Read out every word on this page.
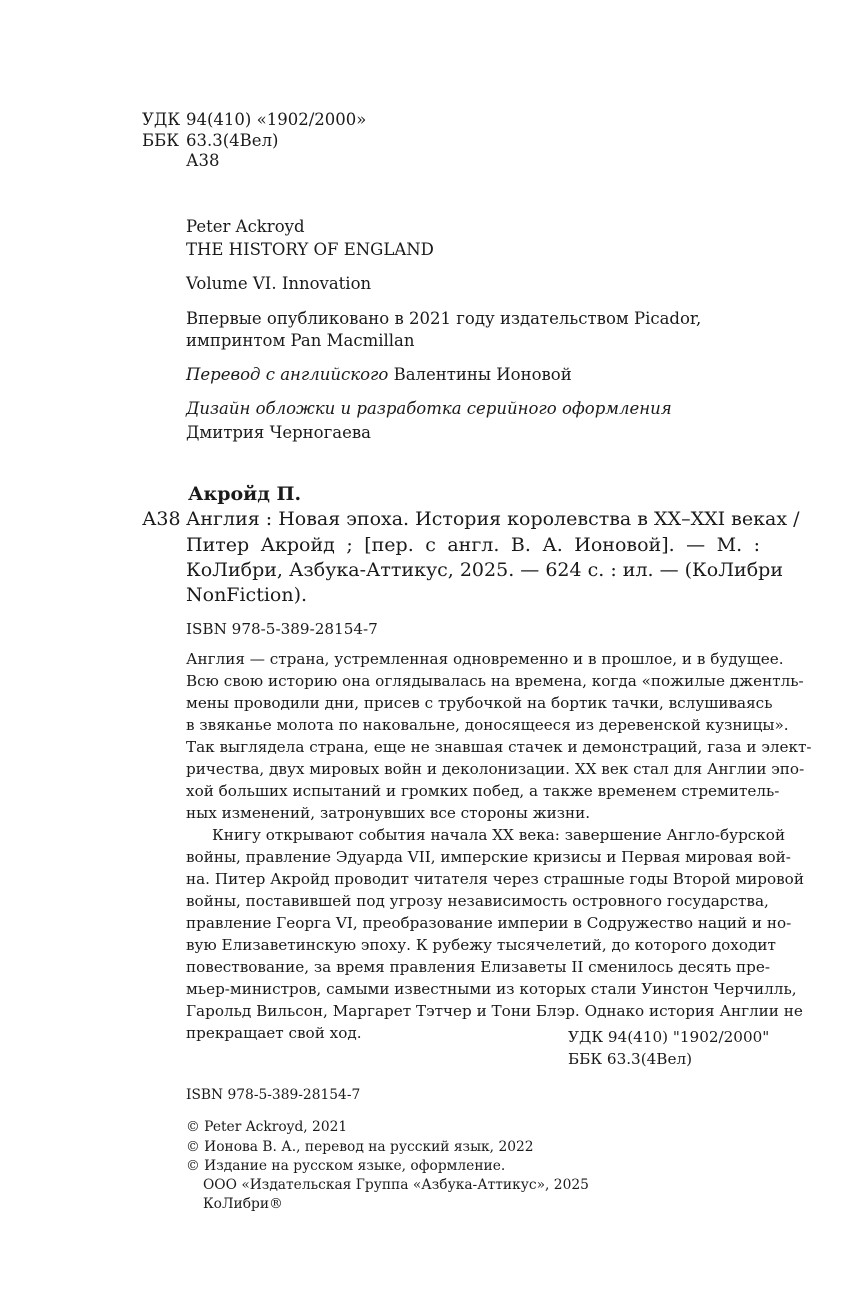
УДК 94(410) «1902/2000»
ББК 63.3(4Вел)
А38
Peter Ackroyd
THE HISTORY OF ENGLAND
Volume VI. Innovation
Впервые опубликовано в 2021 году издательством Picador,
импринтом Pan Macmillan
Перевод с английского Валентины Ионовой
Дизайн обложки и разработка серийного оформления
Дмитрия Черногаева
Акройд П.
А38 Англия : Новая эпоха. История королевства в XX–XXI веках /
Питер Акройд ; [пер. с англ. В. А. Ионовой]. — М. :
КоЛибри, Азбука-Аттикус, 2025. — 624 с. : ил. — (КоЛибри
NonFiction).
ISBN 978-5-389-28154-7
Англия — страна, устремленная одновременно и в прошлое, и в будущее.
Всю свою историю она оглядывалась на времена, когда «пожилые джентль-
мены проводили дни, присев с трубочкой на бортик тачки, вслушиваясь
в звяканье молота по наковальне, доносящееся из деревенской кузницы».
Так выглядела страна, еще не знавшая стачек и демонстраций, газа и элект-
ричества, двух мировых войн и деколонизации. XX век стал для Англии эпо-
хой больших испытаний и громких побед, а также временем стремитель-
ных изменений, затронувших все стороны жизни.
Книгу открывают события начала XX века: завершение Англо-бурской
войны, правление Эдуарда VII, имперские кризисы и Первая мировая вой-
на. Питер Акройд проводит читателя через страшные годы Второй мировой
войны, поставившей под угрозу независимость островного государства,
правление Георга VI, преобразование империи в Содружество наций и но-
вую Елизаветинскую эпоху. К рубежу тысячелетий, до которого доходит
повествование, за время правления Елизаветы II сменилось десять пре-
мьер-министров, самыми известными из которых стали Уинстон Черчилль,
Гарольд Вильсон, Маргарет Тэтчер и Тони Блэр. Однако история Англии не
прекращает свой ход.	УДК 94(410) "1902/2000"
ББК 63.3(4Вел)
ISBN 978-5-389-28154-7
© Peter Ackroyd, 2021
© Ионова В. А., перевод на русский язык, 2022
© Издание на русском языке, оформление.
ООО «Издательская Группа «Азбука-Аттикус», 2025
КоЛибри®
